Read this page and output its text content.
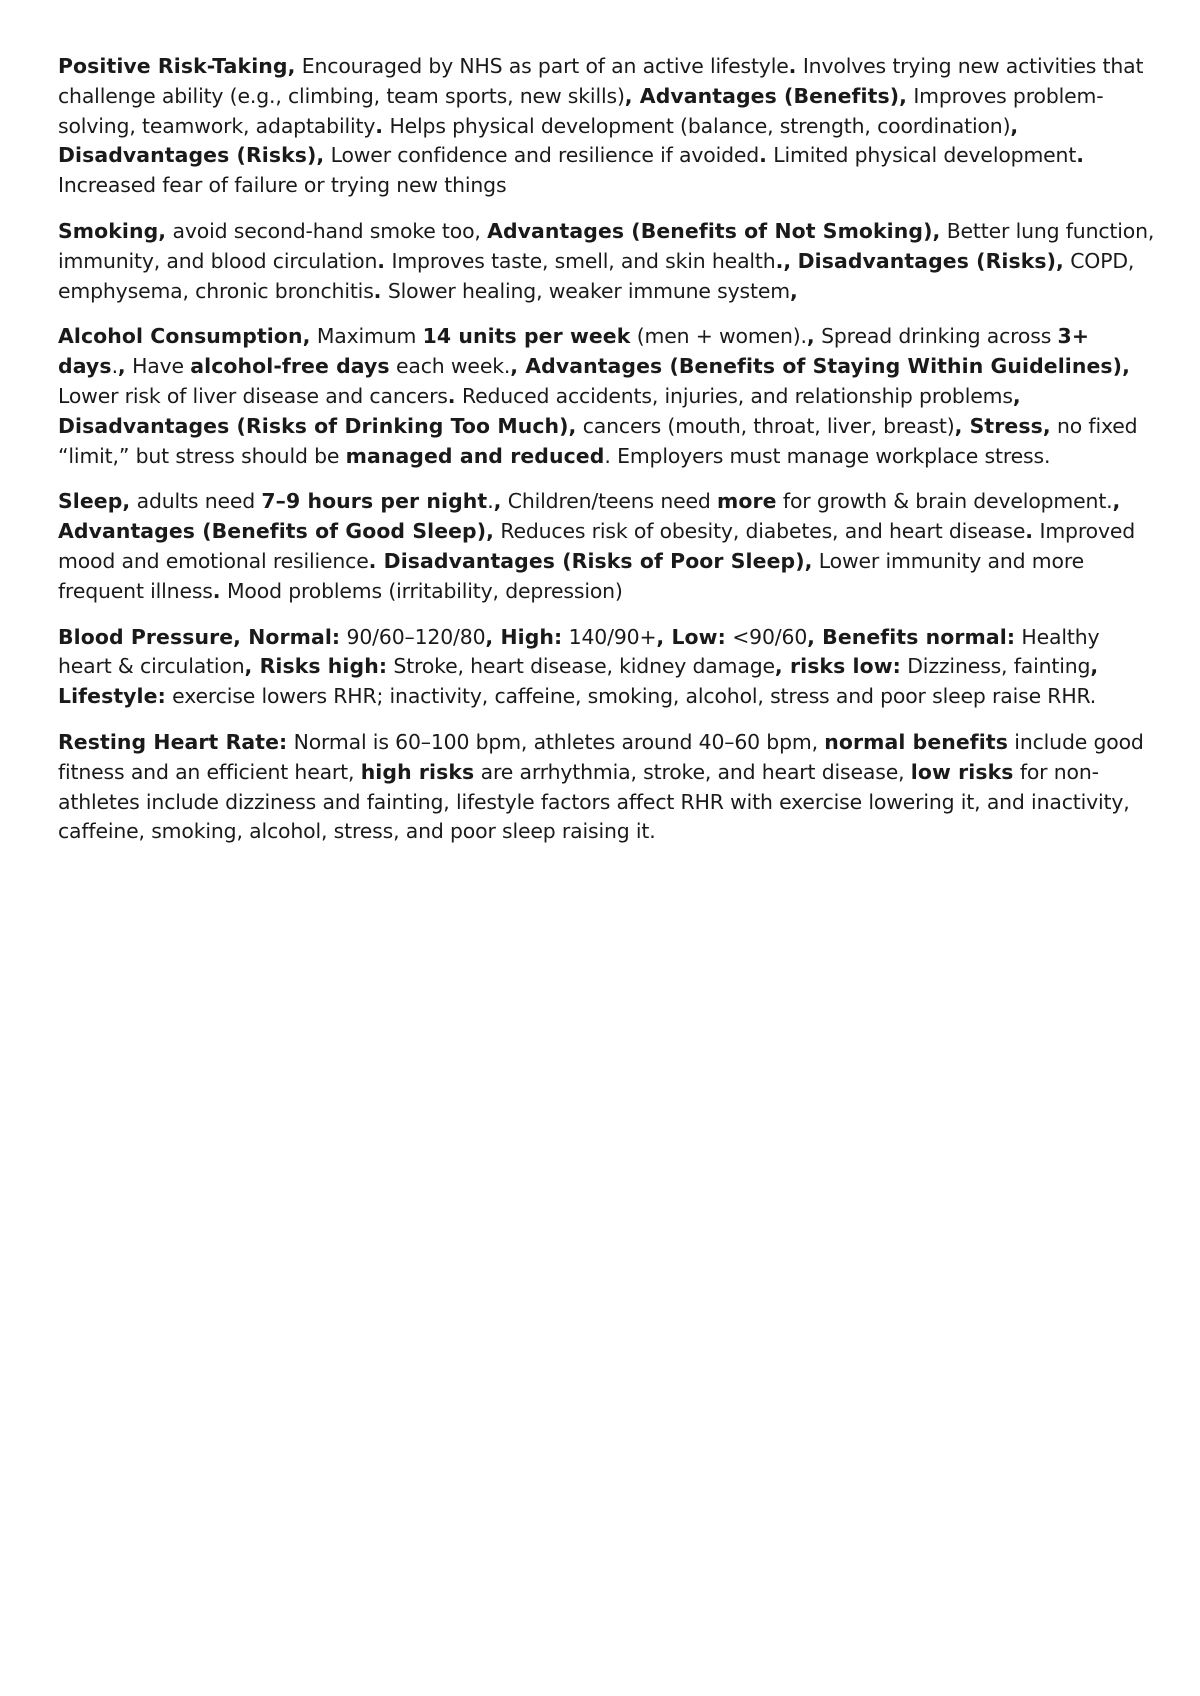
Positive Risk-Taking, Encouraged by NHS as part of an active lifestyle. Involves trying new activities that challenge ability (e.g., climbing, team sports, new skills), Advantages (Benefits), Improves problem-solving, teamwork, adaptability. Helps physical development (balance, strength, coordination), Disadvantages (Risks), Lower confidence and resilience if avoided. Limited physical development. Increased fear of failure or trying new things

Smoking, avoid second-hand smoke too, Advantages (Benefits of Not Smoking), Better lung function, immunity, and blood circulation. Improves taste, smell, and skin health., Disadvantages (Risks), COPD, emphysema, chronic bronchitis. Slower healing, weaker immune system,

Alcohol Consumption, Maximum 14 units per week (men + women)., Spread drinking across 3+ days., Have alcohol-free days each week., Advantages (Benefits of Staying Within Guidelines), Lower risk of liver disease and cancers. Reduced accidents, injuries, and relationship problems, Disadvantages (Risks of Drinking Too Much), cancers (mouth, throat, liver, breast), Stress, no fixed “limit,” but stress should be managed and reduced. Employers must manage workplace stress.

Sleep, adults need 7–9 hours per night., Children/teens need more for growth & brain development., Advantages (Benefits of Good Sleep), Reduces risk of obesity, diabetes, and heart disease. Improved mood and emotional resilience. Disadvantages (Risks of Poor Sleep), Lower immunity and more frequent illness. Mood problems (irritability, depression)

Blood Pressure, Normal: 90/60–120/80, High: 140/90+, Low: <90/60, Benefits normal: Healthy heart & circulation, Risks high: Stroke, heart disease, kidney damage, risks low: Dizziness, fainting, Lifestyle: exercise lowers RHR; inactivity, caffeine, smoking, alcohol, stress and poor sleep raise RHR.

Resting Heart Rate: Normal is 60–100 bpm, athletes around 40–60 bpm, normal benefits include good fitness and an efficient heart, high risks are arrhythmia, stroke, and heart disease, low risks for non-athletes include dizziness and fainting, lifestyle factors affect RHR with exercise lowering it, and inactivity, caffeine, smoking, alcohol, stress, and poor sleep raising it.
